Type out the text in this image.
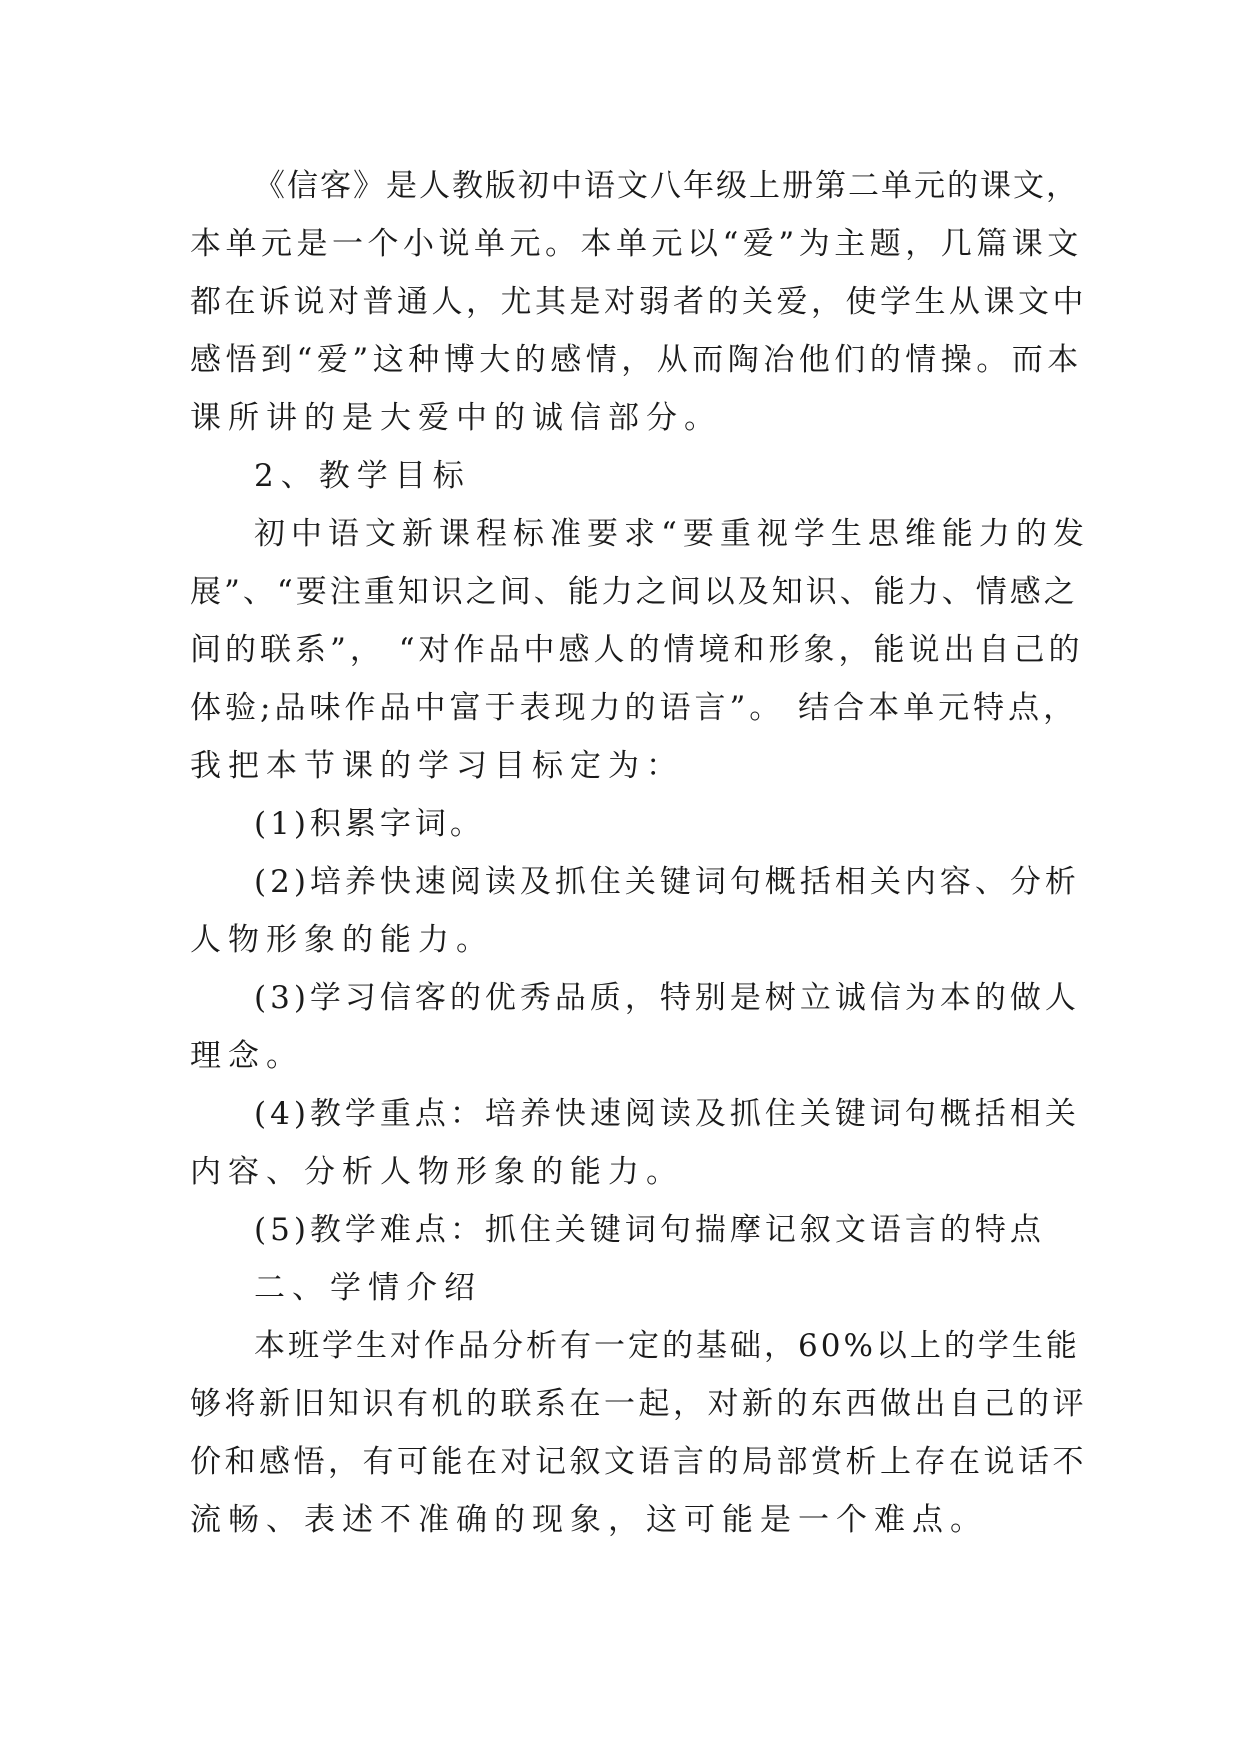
《信客》是人教版初中语文八年级上册第二单元的课文，
本单元是一个小说单元。本单元以“爱”为主题，几篇课文
都在诉说对普通人，尤其是对弱者的关爱，使学生从课文中
感悟到“爱”这种博大的感情，从而陶冶他们的情操。而本
课所讲的是大爱中的诚信部分。
2、教学目标
初中语文新课程标准要求“要重视学生思维能力的发
展”、“要注重知识之间、能力之间以及知识、能力、情感之
间的联系”， “对作品中感人的情境和形象，能说出自己的
体验;品味作品中富于表现力的语言”。 结合本单元特点，
我把本节课的学习目标定为：
(1)积累字词。
(2)培养快速阅读及抓住关键词句概括相关内容、分析
人物形象的能力。
(3)学习信客的优秀品质，特别是树立诚信为本的做人
理念。
(4)教学重点：培养快速阅读及抓住关键词句概括相关
内容、分析人物形象的能力。
(5)教学难点：抓住关键词句揣摩记叙文语言的特点
二、学情介绍
本班学生对作品分析有一定的基础，60%以上的学生能
够将新旧知识有机的联系在一起，对新的东西做出自己的评
价和感悟，有可能在对记叙文语言的局部赏析上存在说话不
流畅、表述不准确的现象，这可能是一个难点。
